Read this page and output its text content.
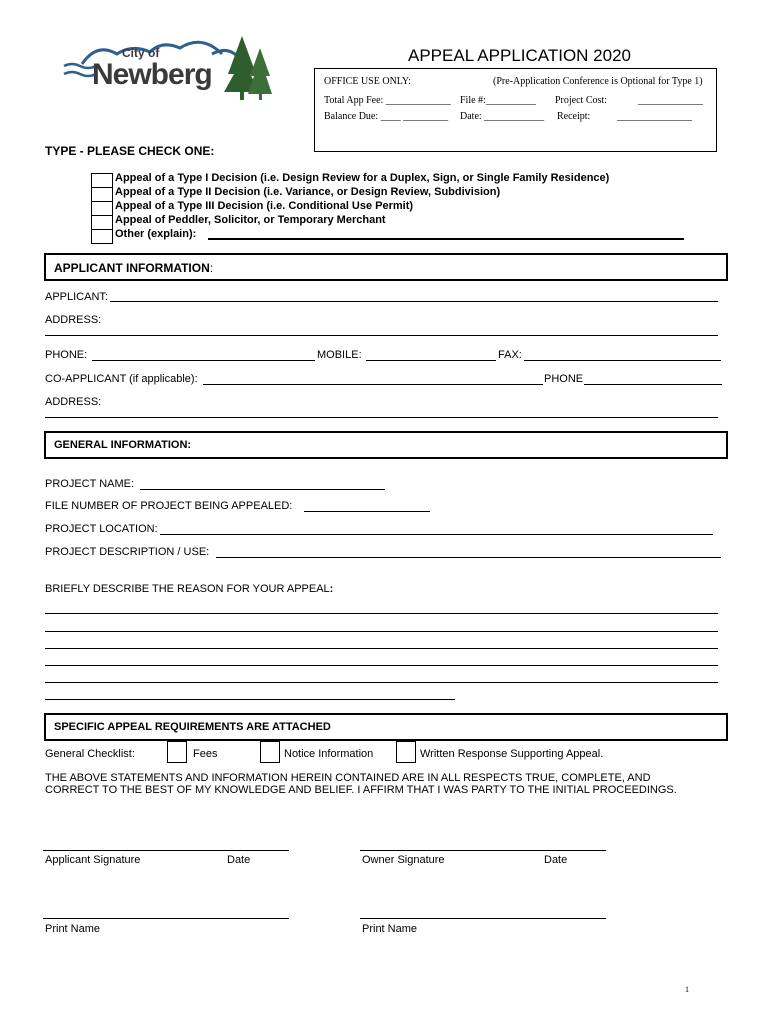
City of
Newberg
APPEAL APPLICATION 2020
OFFICE USE ONLY:	(Pre-Application Conference is Optional for Type 1)
Total App Fee: _____________ File #:__________ Project Cost:	_____________
Balance Due: ____ _________ Date: ____________ Receipt:	_______________
TYPE - PLEASE CHECK ONE:
Appeal of a Type I Decision (i.e. Design Review for a Duplex, Sign, or Single Family Residence)
Appeal of a Type II Decision (i.e. Variance, or Design Review, Subdivision)
Appeal of a Type III Decision (i.e. Conditional Use Permit)
Appeal of Peddler, Solicitor, or Temporary Merchant
Other (explain):
APPLICANT INFORMATION:
APPLICANT:
ADDRESS:
PHONE:	MOBILE:	FAX:
CO-APPLICANT (if applicable):	PHONE
ADDRESS:
GENERAL INFORMATION:
PROJECT NAME:
FILE NUMBER OF PROJECT BEING APPEALED:
PROJECT LOCATION:
PROJECT DESCRIPTION / USE:
BRIEFLY DESCRIBE THE REASON FOR YOUR APPEAL:
SPECIFIC APPEAL REQUIREMENTS ARE ATTACHED
General Checklist:	Fees	Notice Information	Written Response Supporting Appeal.
THE ABOVE STATEMENTS AND INFORMATION HEREIN CONTAINED ARE IN ALL RESPECTS TRUE, COMPLETE, AND CORRECT TO THE BEST OF MY KNOWLEDGE AND BELIEF. I AFFIRM THAT I WAS PARTY TO THE INITIAL PROCEEDINGS.
Applicant Signature	Date	Owner Signature	Date
Print Name	Print Name
1
